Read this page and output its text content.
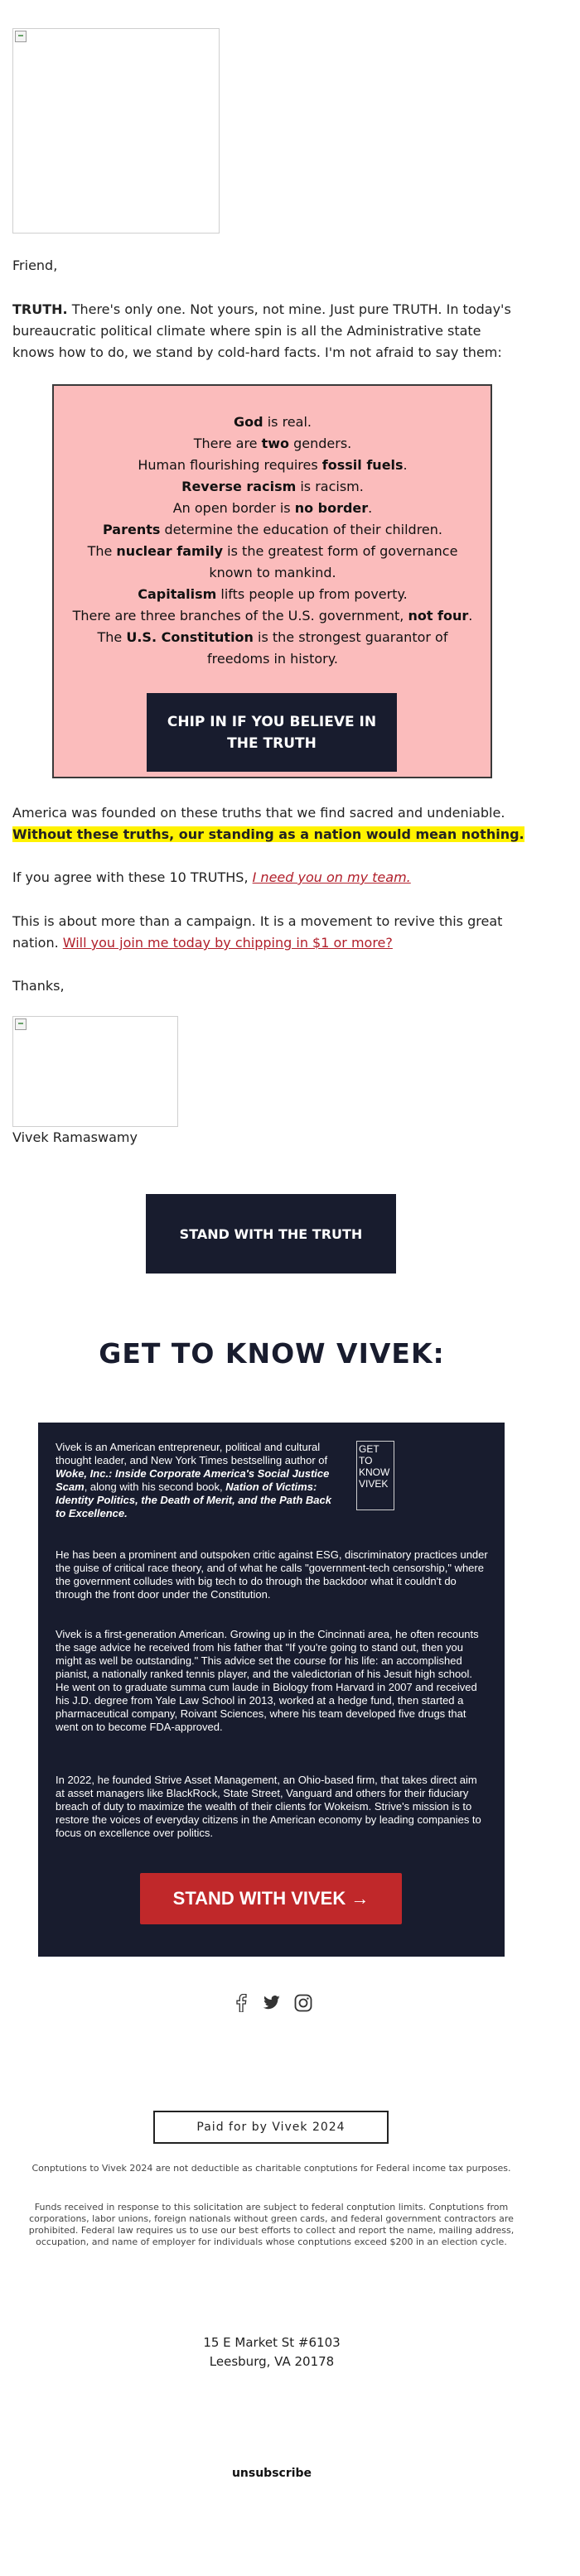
Friend,
TRUTH. There's only one. Not yours, not mine. Just pure TRUTH. In today's bureaucratic political climate where spin is all the Administrative state knows how to do, we stand by cold-hard facts. I'm not afraid to say them:
God is real.
There are two genders.
Human flourishing requires fossil fuels.
Reverse racism is racism.
An open border is no border.
Parents determine the education of their children.
The nuclear family is the greatest form of governance known to mankind.
Capitalism lifts people up from poverty.
There are three branches of the U.S. government, not four.
The U.S. Constitution is the strongest guarantor of freedoms in history.
CHIP IN IF YOU BELIEVE IN THE TRUTH
America was founded on these truths that we find sacred and undeniable.
Without these truths, our standing as a nation would mean nothing.
If you agree with these 10 TRUTHS, I need you on my team.
This is about more than a campaign. It is a movement to revive this great nation. Will you join me today by chipping in $1 or more?
Thanks,
Vivek Ramaswamy
STAND WITH THE TRUTH
GET TO KNOW VIVEK:
GET TO KNOW VIVEK
Vivek is an American entrepreneur, political and cultural thought leader, and New York Times bestselling author of Woke, Inc.: Inside Corporate America's Social Justice Scam, along with his second book, Nation of Victims: Identity Politics, the Death of Merit, and the Path Back to Excellence.
He has been a prominent and outspoken critic against ESG, discriminatory practices under the guise of critical race theory, and of what he calls "government-tech censorship," where the government colludes with big tech to do through the backdoor what it couldn't do through the front door under the Constitution.
Vivek is a first-generation American. Growing up in the Cincinnati area, he often recounts the sage advice he received from his father that "If you're going to stand out, then you might as well be outstanding." This advice set the course for his life: an accomplished pianist, a nationally ranked tennis player, and the valedictorian of his Jesuit high school. He went on to graduate summa cum laude in Biology from Harvard in 2007 and received his J.D. degree from Yale Law School in 2013, worked at a hedge fund, then started a pharmaceutical company, Roivant Sciences, where his team developed five drugs that went on to become FDA-approved.
In 2022, he founded Strive Asset Management, an Ohio-based firm, that takes direct aim at asset managers like BlackRock, State Street, Vanguard and others for their fiduciary breach of duty to maximize the wealth of their clients for Wokeism. Strive's mission is to restore the voices of everyday citizens in the American economy by leading companies to focus on excellence over politics.
STAND WITH VIVEK →
Paid for by Vivek 2024
Conptutions to Vivek 2024 are not deductible as charitable conptutions for Federal income tax purposes.
Funds received in response to this solicitation are subject to federal conptution limits. Conptutions from corporations, labor unions, foreign nationals without green cards, and federal government contractors are prohibited. Federal law requires us to use our best efforts to collect and report the name, mailing address, occupation, and name of employer for individuals whose conptutions exceed $200 in an election cycle.
15 E Market St #6103
Leesburg, VA 20178
unsubscribe
